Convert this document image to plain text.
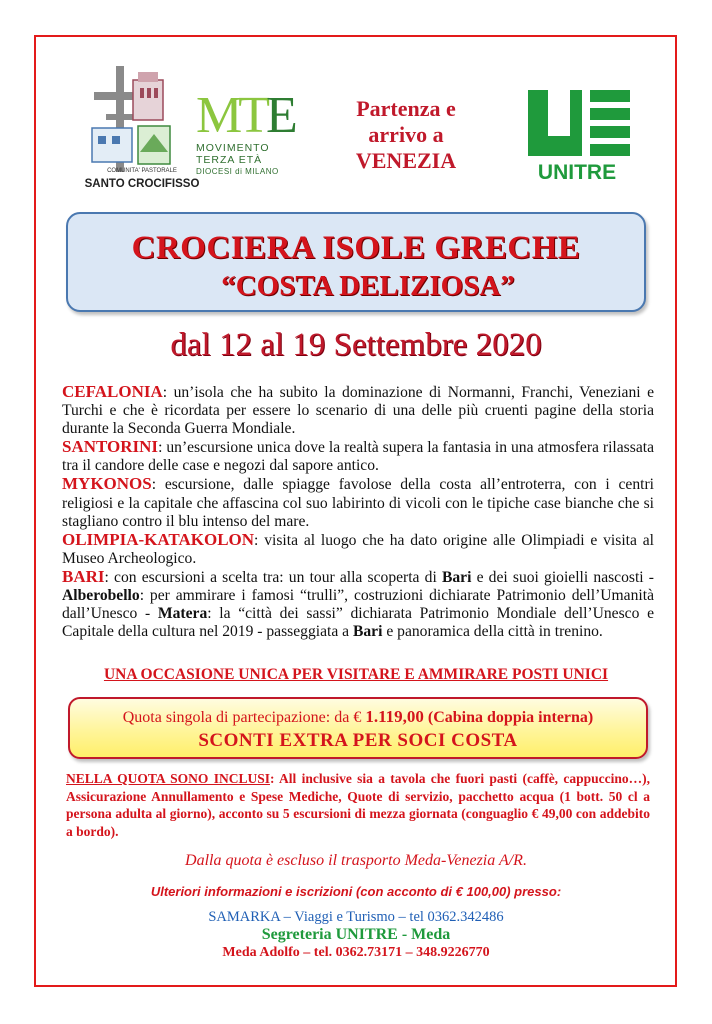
COMUNITA' PASTORALE
SANTO CROCIFISSO
MTE
MOVIMENTO
TERZA ETÀ
DIOCESI di MILANO
Partenza e
arrivo a
VENEZIA	UNITRE
CROCIERA ISOLE GRECHE
“COSTA DELIZIOSA”
dal 12 al 19 Settembre 2020

CEFALONIA: un’isola che ha subito la dominazione di Normanni, Franchi, Veneziani e Turchi e che è ricordata per essere lo scenario di una delle più cruenti pagine della storia durante la Seconda Guerra Mondiale.

SANTORINI: un’escursione unica dove la realtà supera la fantasia in una atmosfera rilassata tra il candore delle case e negozi dal sapore antico.

MYKONOS: escursione, dalle spiagge favolose della costa all’entroterra, con i centri religiosi e la capitale che affascina col suo labirinto di vicoli con le tipiche case bianche che si stagliano contro il blu intenso del mare.

OLIMPIA-KATAKOLON: visita al luogo che ha dato origine alle Olimpiadi e visita al Museo Archeologico.

BARI: con escursioni a scelta tra: un tour alla scoperta di Bari e dei suoi gioielli nascosti - Alberobello: per ammirare i famosi “trulli”, costruzioni dichiarate Patrimonio dell’Umanità dall’Unesco - Matera: la “città dei sassi” dichiarata Patrimonio Mondiale dell’Unesco e Capitale della cultura nel 2019 - passeggiata a Bari e panoramica della città in trenino.

UNA OCCASIONE UNICA PER VISITARE E AMMIRARE POSTI UNICI
Quota singola di partecipazione: da € 1.119,00 (Cabina doppia interna)
SCONTI EXTRA PER SOCI COSTA
NELLA QUOTA SONO INCLUSI: All inclusive sia a tavola che fuori pasti (caffè, cappuccino…), Assicurazione Annullamento e Spese Mediche, Quote di servizio, pacchetto acqua (1 bott. 50 cl a persona adulta al giorno), acconto su 5 escursioni di mezza giornata (conguaglio € 49,00 con addebito a bordo).
Dalla quota è escluso il trasporto Meda-Venezia A/R.
Ulteriori informazioni e iscrizioni (con acconto di € 100,00) presso:
SAMARKA – Viaggi e Turismo – tel 0362.342486
Segreteria UNITRE - Meda
Meda Adolfo – tel. 0362.73171 – 348.9226770
